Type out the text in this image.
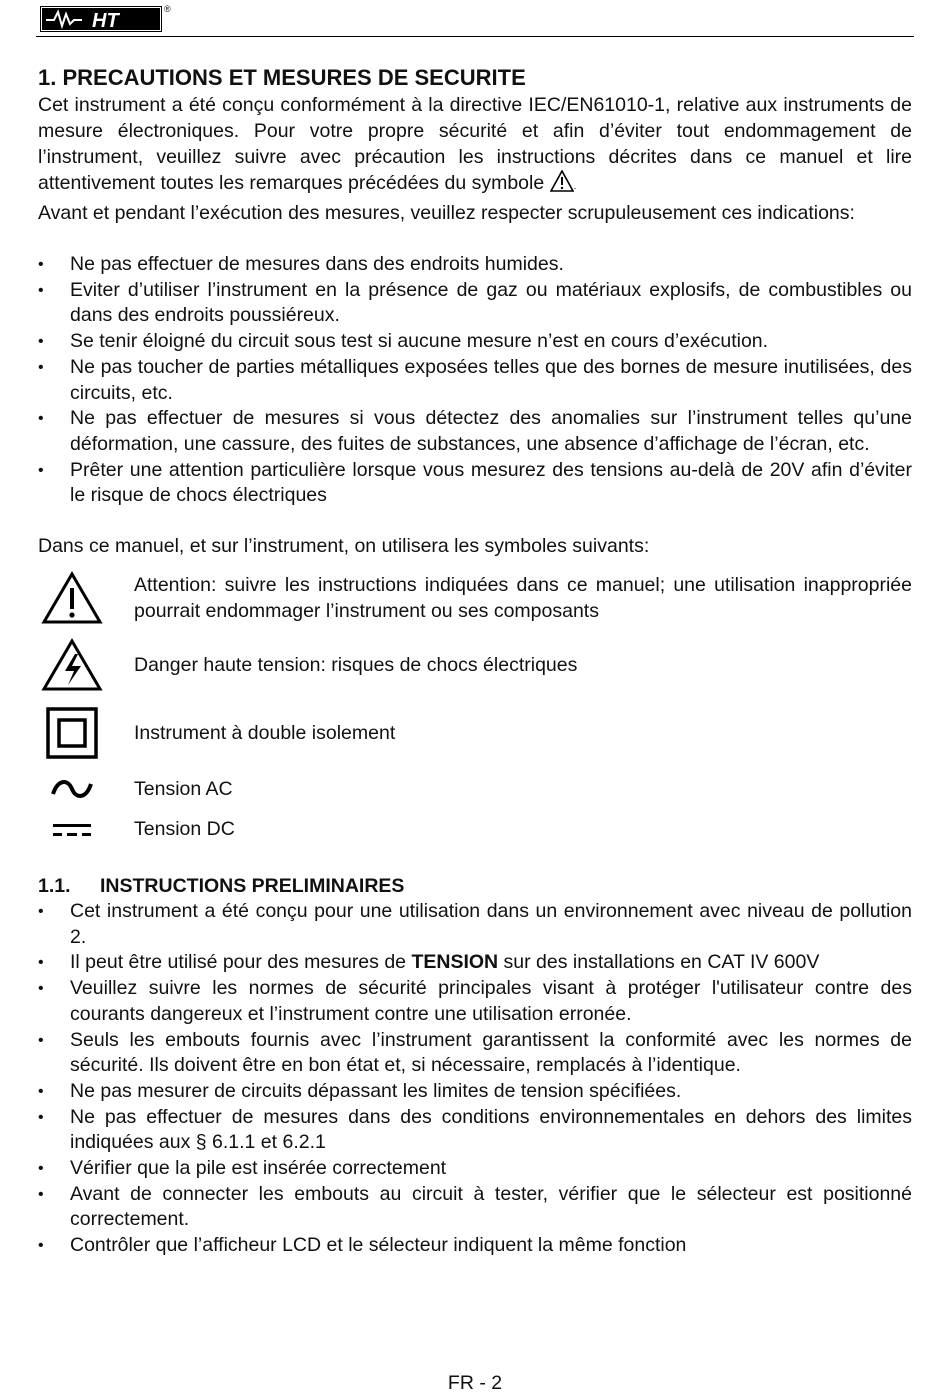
HT
®
1. PRECAUTIONS ET MESURES DE SECURITE

Cet instrument a été conçu conformément à la directive IEC/EN61010-1, relative aux instruments de mesure électroniques. Pour votre propre sécurité et afin d’éviter tout endommagement de l’instrument, veuillez suivre avec précaution les instructions décrites dans ce manuel et lire attentivement toutes les remarques précédées du symbole	.

Avant et pendant l’exécution des mesures, veuillez respecter scrupuleusement ces indications:

• Ne pas effectuer de mesures dans des endroits humides.
• Eviter d’utiliser l’instrument en la présence de gaz ou matériaux explosifs, de combustibles ou dans des endroits poussiéreux.
• Se tenir éloigné du circuit sous test si aucune mesure n’est en cours d’exécution.
• Ne pas toucher de parties métalliques exposées telles que des bornes de mesure inutilisées, des circuits, etc.
• Ne pas effectuer de mesures si vous détectez des anomalies sur l’instrument telles qu’une déformation, une cassure, des fuites de substances, une absence d’affichage de l’écran, etc.
• Prêter une attention particulière lorsque vous mesurez des tensions au-delà de 20V afin d’éviter le risque de chocs électriques

Dans ce manuel, et sur l’instrument, on utilisera les symboles suivants:

Attention: suivre les instructions indiquées dans ce manuel; une utilisation inappropriée pourrait endommager l’instrument ou ses composants
Danger haute tension: risques de chocs électriques
Instrument à double isolement
Tension AC
Tension DC
1.1. INSTRUCTIONS PRELIMINAIRES
• Cet instrument a été conçu pour une utilisation dans un environnement avec niveau de pollution 2.
• Il peut être utilisé pour des mesures de TENSION sur des installations en CAT IV 600V
• Veuillez suivre les normes de sécurité principales visant à protéger l'utilisateur contre des courants dangereux et l’instrument contre une utilisation erronée.
• Seuls les embouts fournis avec l’instrument garantissent la conformité avec les normes de sécurité. Ils doivent être en bon état et, si nécessaire, remplacés à l’identique.
• Ne pas mesurer de circuits dépassant les limites de tension spécifiées.
• Ne pas effectuer de mesures dans des conditions environnementales en dehors des limites indiquées aux § 6.1.1 et 6.2.1
• Vérifier que la pile est insérée correctement
• Avant de connecter les embouts au circuit à tester, vérifier que le sélecteur est positionné correctement.
• Contrôler que l’afficheur LCD et le sélecteur indiquent la même fonction
FR - 2
